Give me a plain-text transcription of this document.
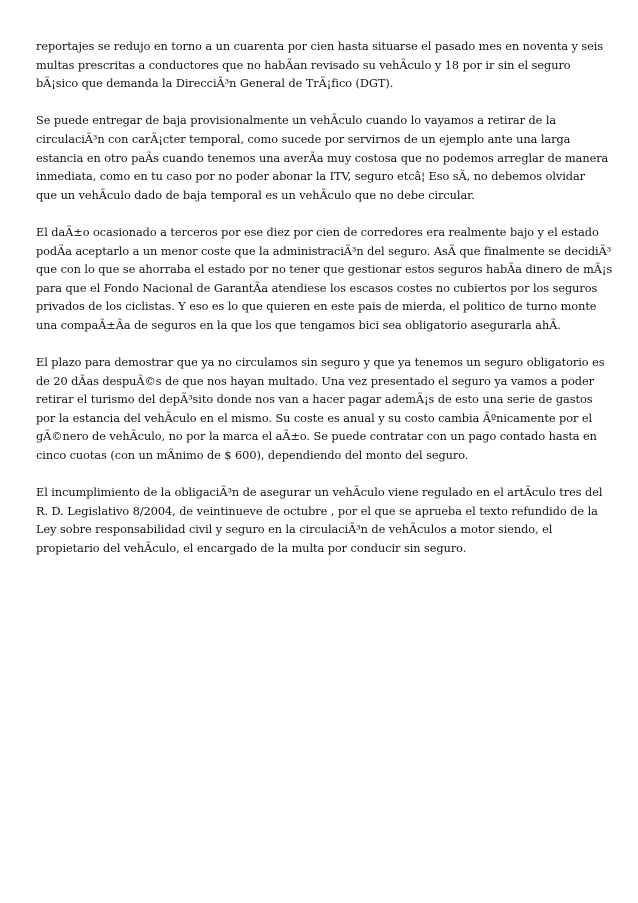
reportajes se redujo en torno a un cuarenta por cien hasta situarse el pasado mes en noventa y seis
multas prescritas a conductores que no habÃan revisado su vehÃculo y 18 por ir sin el seguro
bÃ¡sico que demanda la DirecciÃ³n General de TrÃ¡fico (DGT).

Se puede entregar de baja provisionalmente un vehÃculo cuando lo vayamos a retirar de la
circulaciÃ³n con carÃ¡cter temporal, como sucede por servirnos de un ejemplo ante una larga
estancia en otro paÃs cuando tenemos una averÃa muy costosa que no podemos arreglar de manera
inmediata, como en tu caso por no poder abonar la ITV, seguro etcâ¦ Eso sÃ, no debemos olvidar
que un vehÃculo dado de baja temporal es un vehÃculo que no debe circular.

El daÃ±o ocasionado a terceros por ese diez por cien de corredores era realmente bajo y el estado
podÃa aceptarlo a un menor coste que la administraciÃ³n del seguro. AsÃ que finalmente se decidiÃ³
que con lo que se ahorraba el estado por no tener que gestionar estos seguros habÃa dinero de mÃ¡s
para que el Fondo Nacional de GarantÃa atendiese los escasos costes no cubiertos por los seguros
privados de los ciclistas. Y eso es lo que quieren en este pais de mierda, el politico de turno monte
una compaÃ±Ãa de seguros en la que los que tengamos bici sea obligatorio asegurarla ahÃ.

El plazo para demostrar que ya no circulamos sin seguro y que ya tenemos un seguro obligatorio es
de 20 dÃas despuÃ©s de que nos hayan multado. Una vez presentado el seguro ya vamos a poder
retirar el turismo del depÃ³sito donde nos van a hacer pagar ademÃ¡s de esto una serie de gastos
por la estancia del vehÃculo en el mismo. Su coste es anual y su costo cambia Ãºnicamente por el
gÃ©nero de vehÃculo, no por la marca el aÃ±o. Se puede contratar con un pago contado hasta en
cinco cuotas (con un mÃnimo de $ 600), dependiendo del monto del seguro.

El incumplimiento de la obligaciÃ³n de asegurar un vehÃculo viene regulado en el artÃculo tres del
R. D. Legislativo 8/2004, de veintinueve de octubre , por el que se aprueba el texto refundido de la
Ley sobre responsabilidad civil y seguro en la circulaciÃ³n de vehÃculos a motor siendo, el
propietario del vehÃculo, el encargado de la multa por conducir sin seguro.
